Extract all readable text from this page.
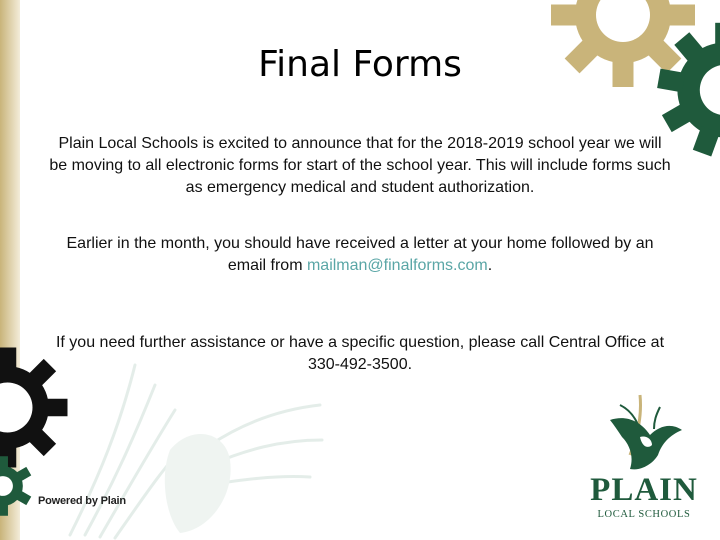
Final Forms

Plain Local Schools is excited to announce that for the 2018-2019 school year we will be moving to all electronic forms for start of the school year. This will include forms such as emergency medical and student authorization.

Earlier in the month, you should have received a letter at your home followed by an email from mailman@finalforms.com.

If you need further assistance or have a specific question, please call Central Office at 330-492-3500.

Powered by Plain	PLAIN
LOCAL SCHOOLS
